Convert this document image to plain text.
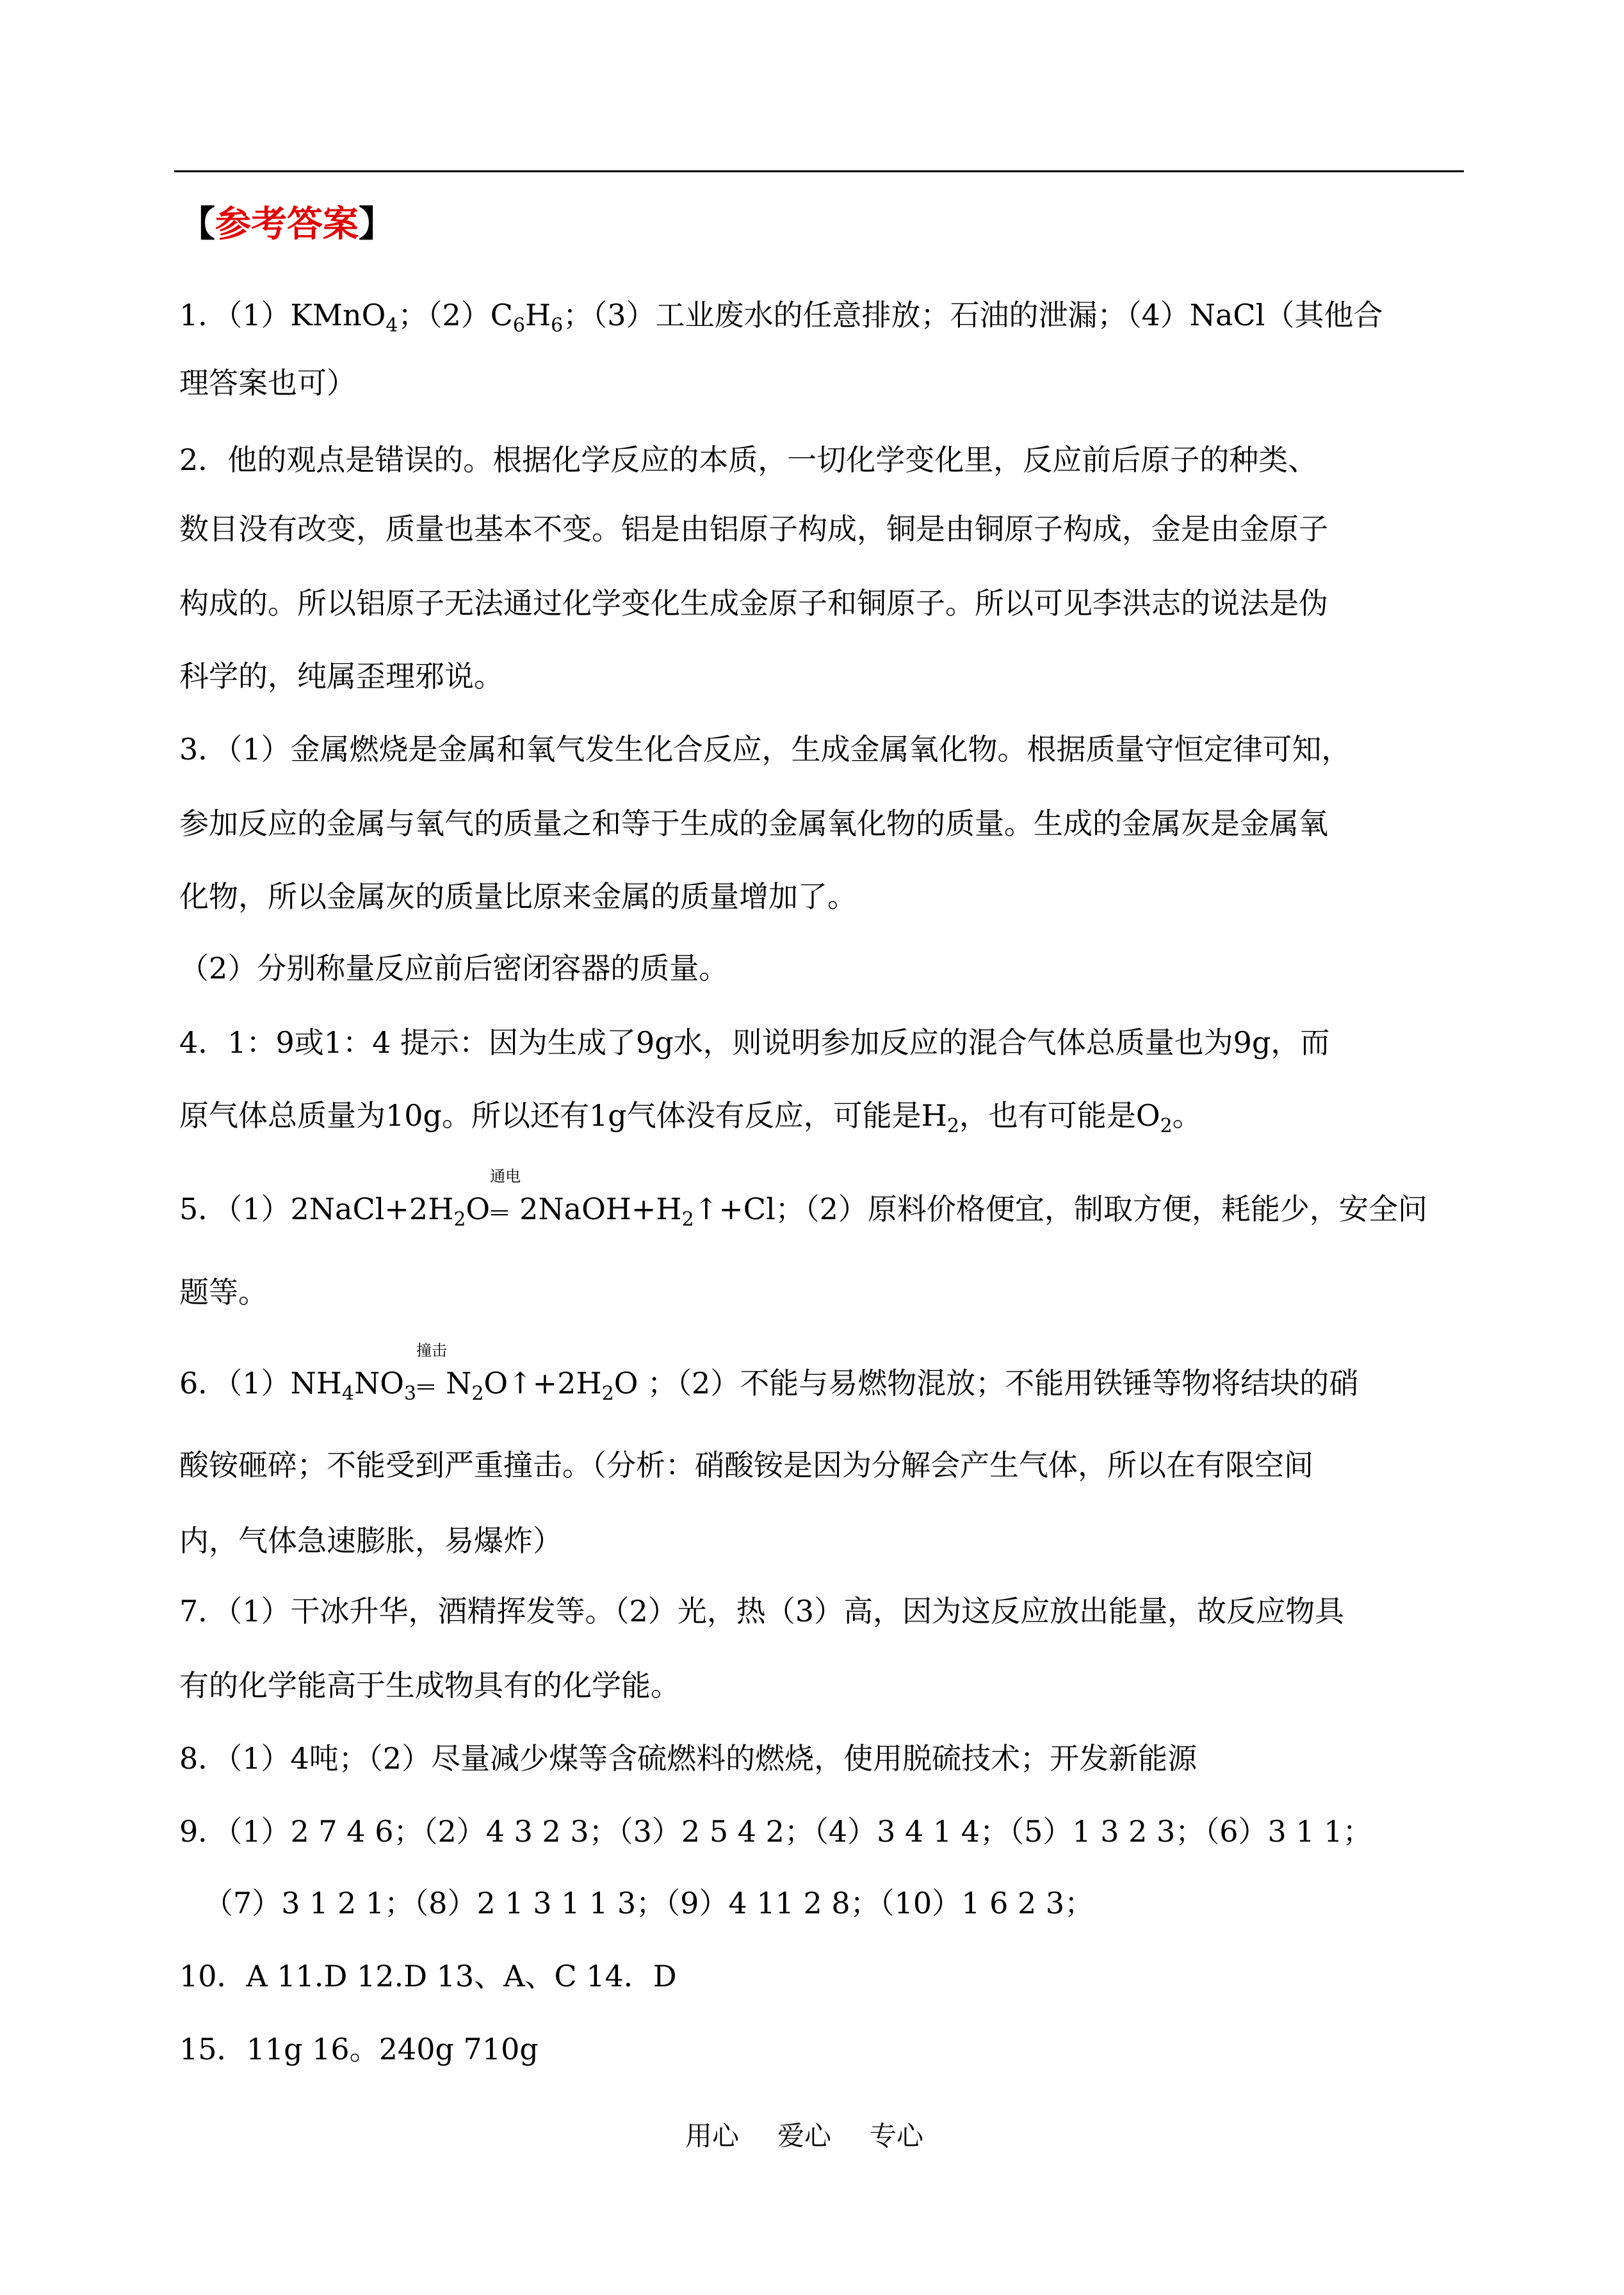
【参考答案】
1．（1）KMnO$_4$；$(2)C_6H_6$；（3）工业废水的任意排放；石油的泄漏；（4）NaCl（其他合
理答案也可）
2．他的观点是错误的。根据化学反应的本质，一切化学变化里，反应前后原子的种类、
数目没有改变，质量也基本不变。铝是由铝原子构成，铜是由铜原子构成，金是由金原子
构成的。所以铝原子无法通过化学变化生成金原子和铜原子。所以可见李洪志的说法是伪
科学的，纯属歪理邪说。
3．（1）金属燃烧是金属和氧气发生化合反应，生成金属氧化物。根据质量守恒定律可知，
参加反应的金属与氧气的质量之和等于生成的金属氧化物的质量。生成的金属灰是金属氧
化物，所以金属灰的质量比原来金属的质量增加了。
（2）分别称量反应前后密闭容器的质量。
4．1：9或1：4 提示：因为生成了9g水，则说明参加反应的混合气体总质量也为9g，而
原气体总质量为10g。所以还有1g气体没有反应，可能是$H_2$，也有可能是$O_2$。
5．$(1)2NaCl+2H_2O$
通电
$2NaOH+H_2↑+Cl$；（2）原料价格便宜，制取方便，耗能少，安全问
题等。
6．$(1)NH_4NO_3$
撞击
$N_2O↑+2H_2O$ ；（2）不能与易燃物混放；不能用铁锤等物将结块的硝
酸铵砸碎；不能受到严重撞击。（分析：硝酸铵是因为分解会产生气体，所以在有限空间
内，气体急速膨胀，易爆炸）
7．（1）干冰升华，酒精挥发等。（2）光，热（3）高，因为这反应放出能量，故反应物具
有的化学能高于生成物具有的化学能。
8．（1）4吨；（2）尽量减少煤等含硫燃料的燃烧，使用脱硫技术；开发新能源
9．（1）2 7 4 6；（2）4 3 2 3；（3）2 5 4 2；（4）3 4 1 4；（5）1 3 2 3；（6）3 1 1；
（7）3 1 2 1；（8）2 1 3 1 1 3；（9）4 11 2 8；（10）1 6 2 3；
10．A 11.D 12.D 13、A、C 14．D
15．11g 16。240g 710g
用心 爱心 专心
